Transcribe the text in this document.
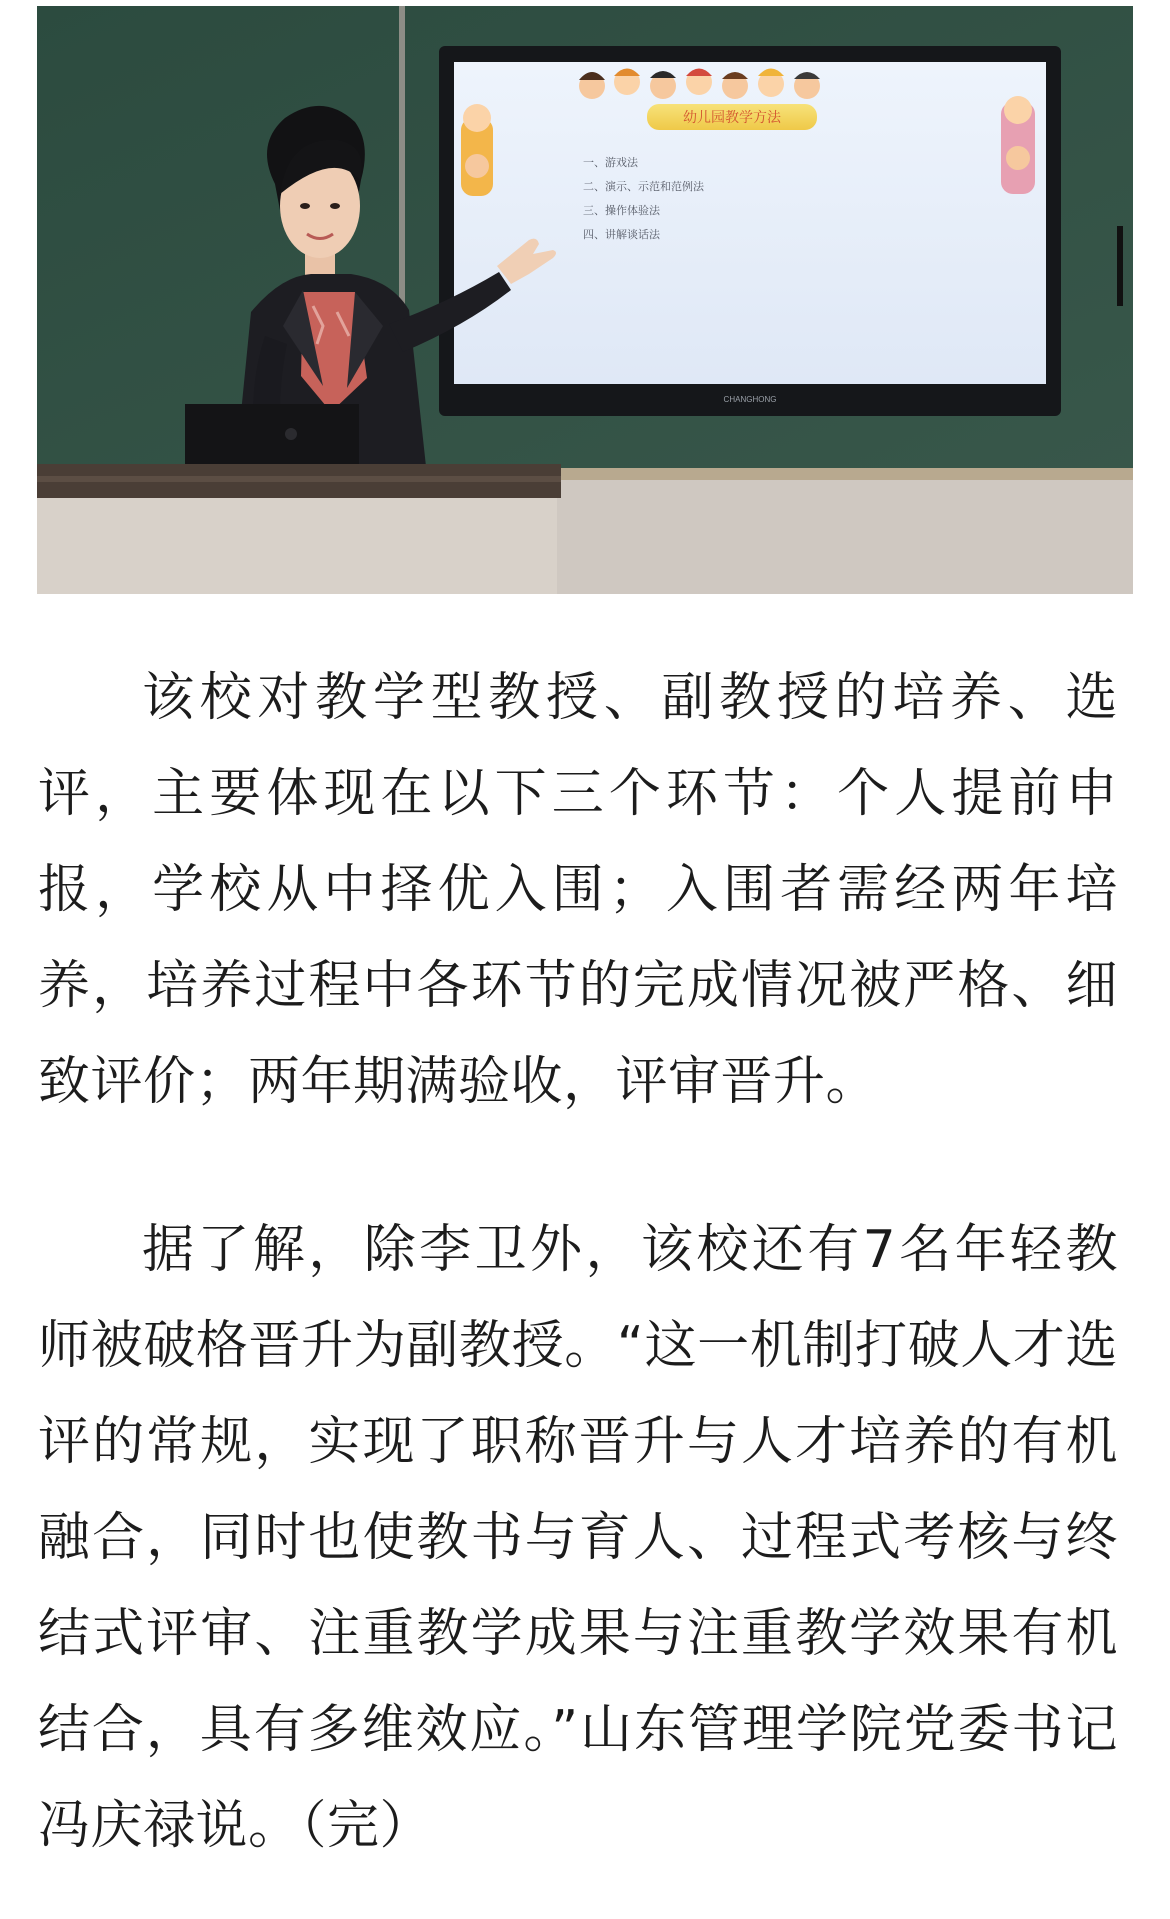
CHANGHONG
幼儿园教学方法
一、游戏法
二、演示、示范和范例法
三、操作体验法
四、讲解谈话法

该校对教学型教授、副教授的培养、选评，主要体现在以下三个环节：个人提前申报，学校从中择优入围；入围者需经两年培养，培养过程中各环节的完成情况被严格、细致评价；两年期满验收，评审晋升。

据了解，除李卫外，该校还有7名年轻教师被破格晋升为副教授。“这一机制打破人才选评的常规，实现了职称晋升与人才培养的有机融合，同时也使教书与育人、过程式考核与终结式评审、注重教学成果与注重教学效果有机结合，具有多维效应。”山东管理学院党委书记冯庆禄说。（完）
